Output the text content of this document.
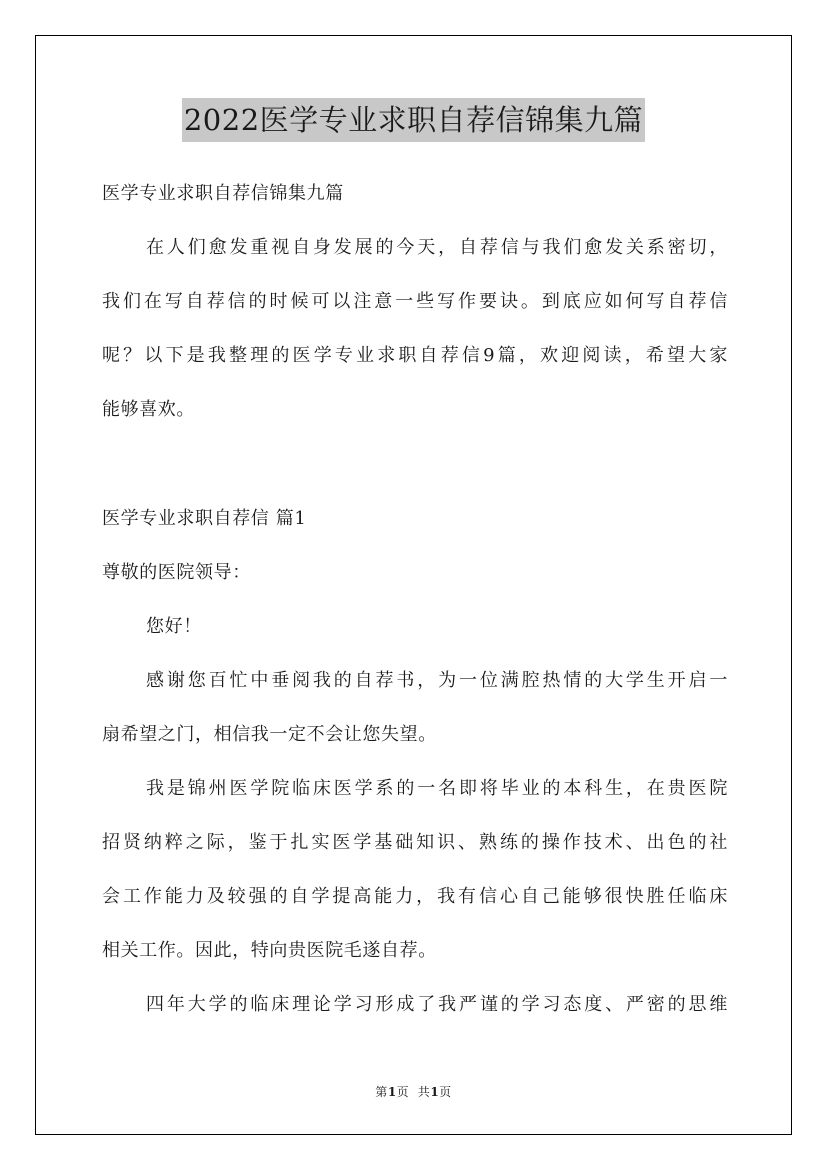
2022医学专业求职自荐信锦集九篇
医学专业求职自荐信锦集九篇
在人们愈发重视自身发展的今天，自荐信与我们愈发关系密切，
我们在写自荐信的时候可以注意一些写作要诀。到底应如何写自荐信
呢？以下是我整理的医学专业求职自荐信9篇，欢迎阅读，希望大家
能够喜欢。
医学专业求职自荐信 篇1
尊敬的医院领导：
您好！
感谢您百忙中垂阅我的自荐书，为一位满腔热情的大学生开启一
扇希望之门，相信我一定不会让您失望。
我是锦州医学院临床医学系的一名即将毕业的本科生，在贵医院
招贤纳粹之际，鉴于扎实医学基础知识、熟练的操作技术、出色的社
会工作能力及较强的自学提高能力，我有信心自己能够很快胜任临床
相关工作。因此，特向贵医院毛遂自荐。
四年大学的临床理论学习形成了我严谨的学习态度、严密的思维
第1页  共1页
